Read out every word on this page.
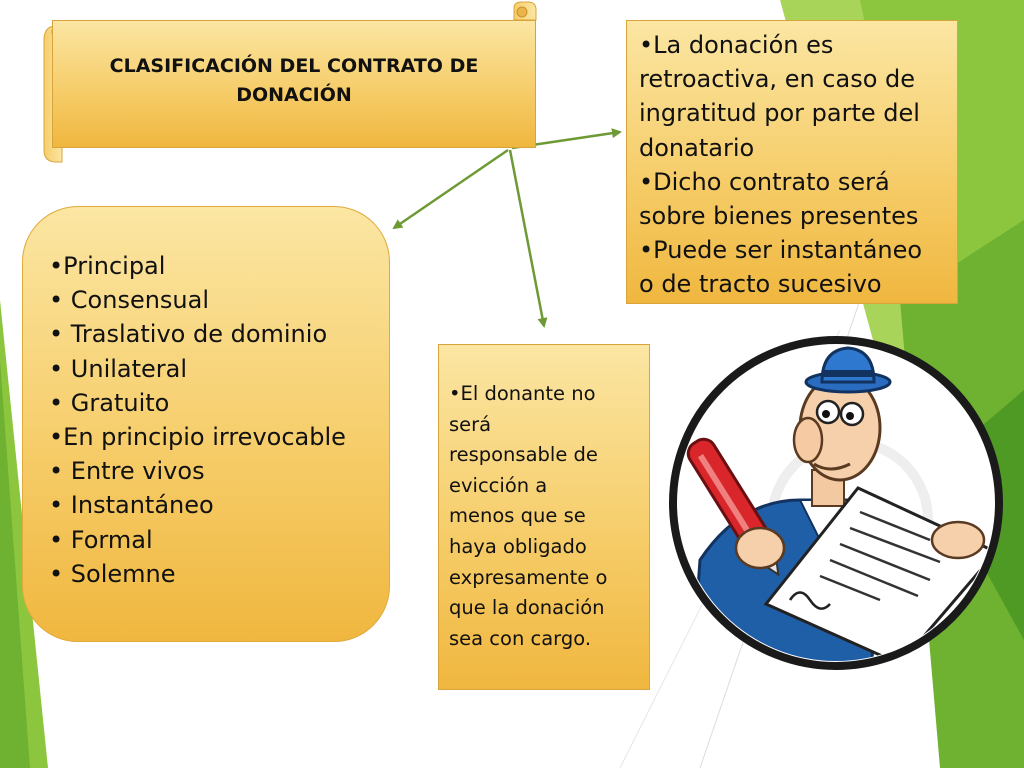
CLASIFICACIÓN DEL CONTRATO DE DONACIÓN
•Principal
• Consensual
• Traslativo de dominio
• Unilateral
• Gratuito
•En principio irrevocable
• Entre vivos
• Instantáneo
• Formal
• Solemne
•La donación es
retroactiva, en caso de
ingratitud por parte del
donatario
•Dicho contrato será
sobre bienes presentes
•Puede ser instantáneo
o de tracto sucesivo
•El donante no
será
responsable de
evicción a
menos que se
haya obligado
expresamente o
que la donación
sea con cargo.
